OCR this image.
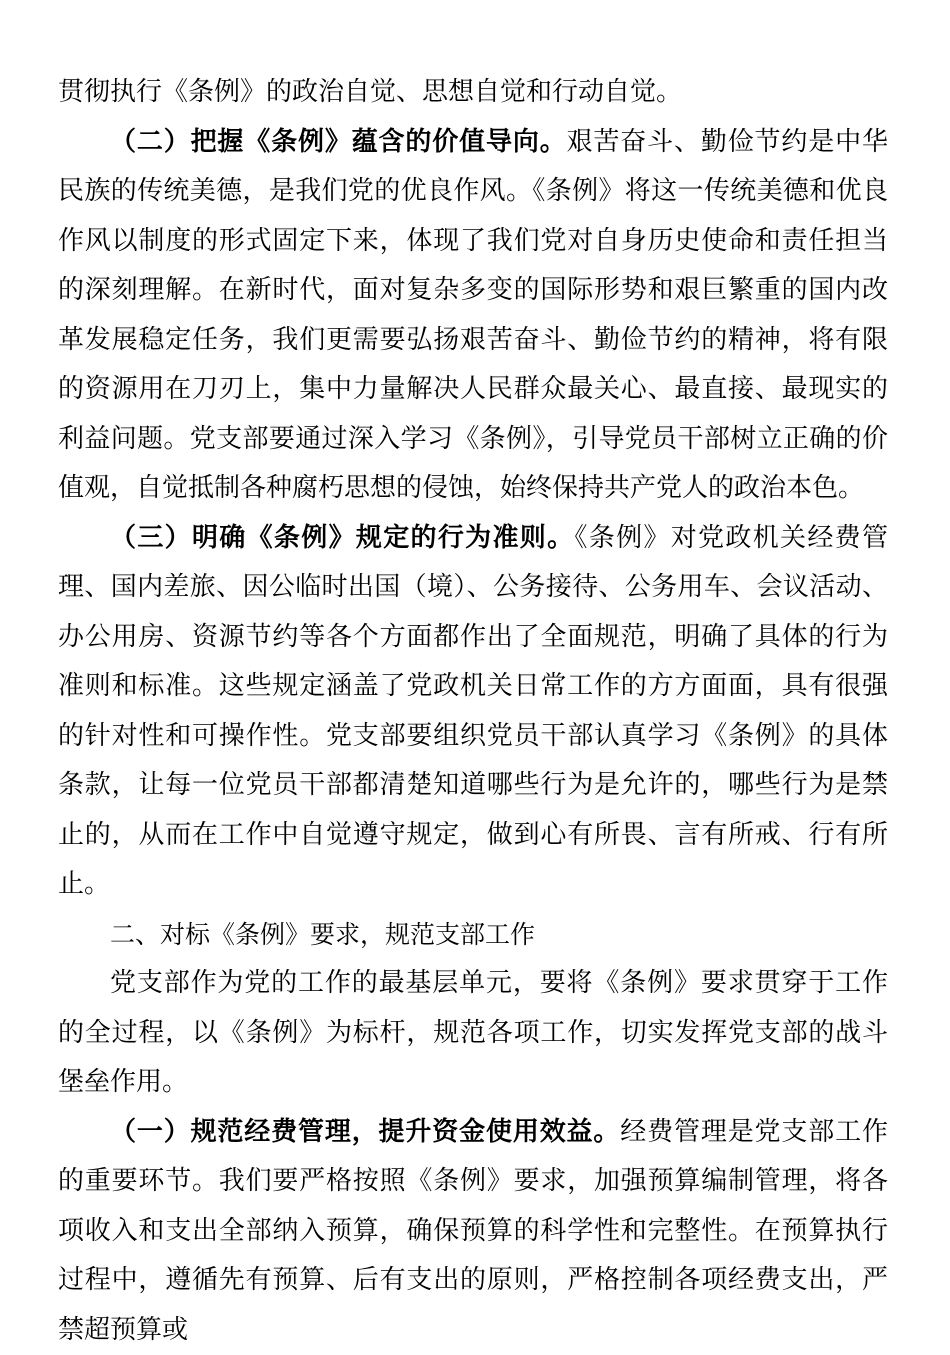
贯彻执行《条例》的政治自觉、思想自觉和行动自觉。

（二）把握《条例》蕴含的价值导向。艰苦奋斗、勤俭节约是中华民族的传统美德，是我们党的优良作风。《条例》将这一传统美德和优良作风以制度的形式固定下来，体现了我们党对自身历史使命和责任担当的深刻理解。在新时代，面对复杂多变的国际形势和艰巨繁重的国内改革发展稳定任务，我们更需要弘扬艰苦奋斗、勤俭节约的精神，将有限的资源用在刀刃上，集中力量解决人民群众最关心、最直接、最现实的利益问题。党支部要通过深入学习《条例》，引导党员干部树立正确的价值观，自觉抵制各种腐朽思想的侵蚀，始终保持共产党人的政治本色。

（三）明确《条例》规定的行为准则。《条例》对党政机关经费管理、国内差旅、因公临时出国（境）、公务接待、公务用车、会议活动、办公用房、资源节约等各个方面都作出了全面规范，明确了具体的行为准则和标准。这些规定涵盖了党政机关日常工作的方方面面，具有很强的针对性和可操作性。党支部要组织党员干部认真学习《条例》的具体条款，让每一位党员干部都清楚知道哪些行为是允许的，哪些行为是禁止的，从而在工作中自觉遵守规定，做到心有所畏、言有所戒、行有所止。

二、对标《条例》要求，规范支部工作

党支部作为党的工作的最基层单元，要将《条例》要求贯穿于工作的全过程，以《条例》为标杆，规范各项工作，切实发挥党支部的战斗堡垒作用。

（一）规范经费管理，提升资金使用效益。经费管理是党支部工作的重要环节。我们要严格按照《条例》要求，加强预算编制管理，将各项收入和支出全部纳入预算，确保预算的科学性和完整性。在预算执行过程中，遵循先有预算、后有支出的原则，严格控制各项经费支出，严禁超预算或
